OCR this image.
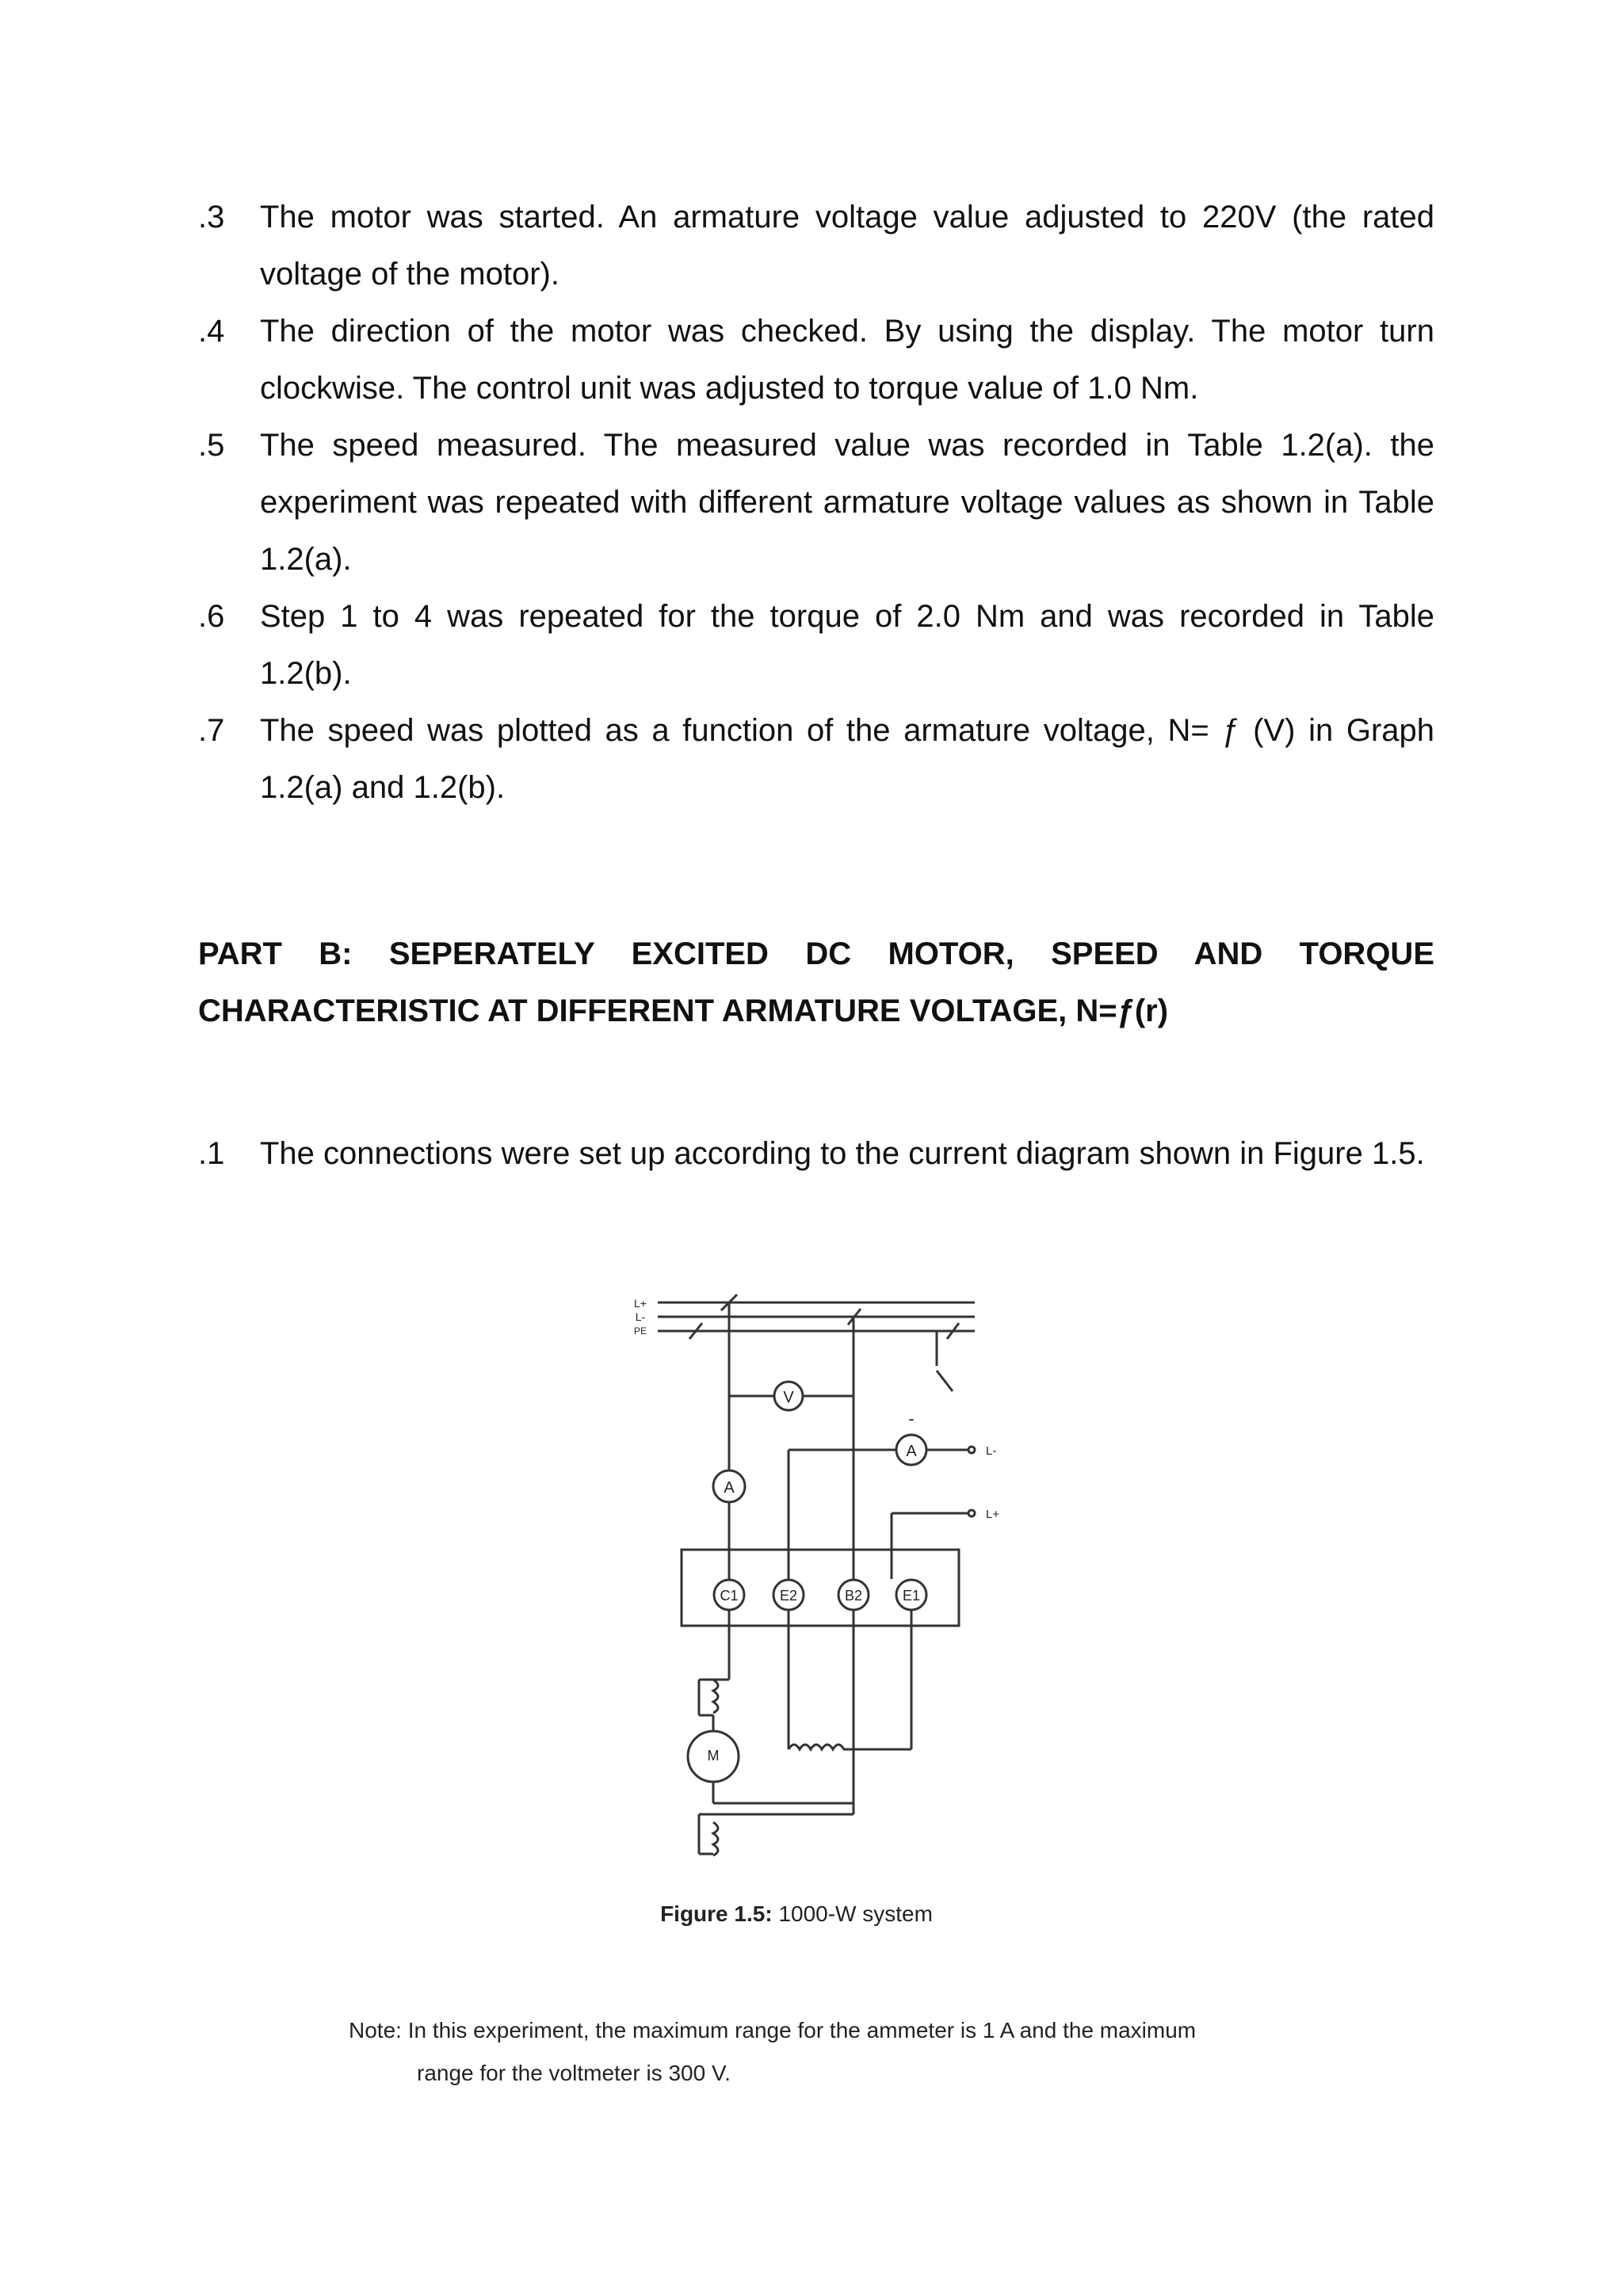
.3	The motor was started. An armature voltage value adjusted to 220V (the rated voltage of the motor).
.4	The direction of the motor was checked. By using the display. The motor turn clockwise. The control unit was adjusted to torque value of 1.0 Nm.
.5	The speed measured. The measured value was recorded in Table 1.2(a). the experiment was repeated with different armature voltage values as shown in Table 1.2(a).
.6	Step 1 to 4 was repeated for the torque of 2.0 Nm and was recorded in Table 1.2(b).
.7	The speed was plotted as a function of the armature voltage, N= ƒ (V) in Graph 1.2(a) and 1.2(b).
PART B: SEPERATELY EXCITED DC MOTOR, SPEED AND TORQUE
CHARACTERISTIC AT DIFFERENT ARMATURE VOLTAGE, N=ƒ(r)
.1	The connections were set up according to the current diagram shown in Figure 1.5.
L+
L-
PE
V
A
A
-
L-
L+
C1	E2	B2	E1
M
Figure 1.5: 1000-W system
Note: In this experiment, the maximum range for the ammeter is 1 A and the maximum
range for the voltmeter is 300 V.
